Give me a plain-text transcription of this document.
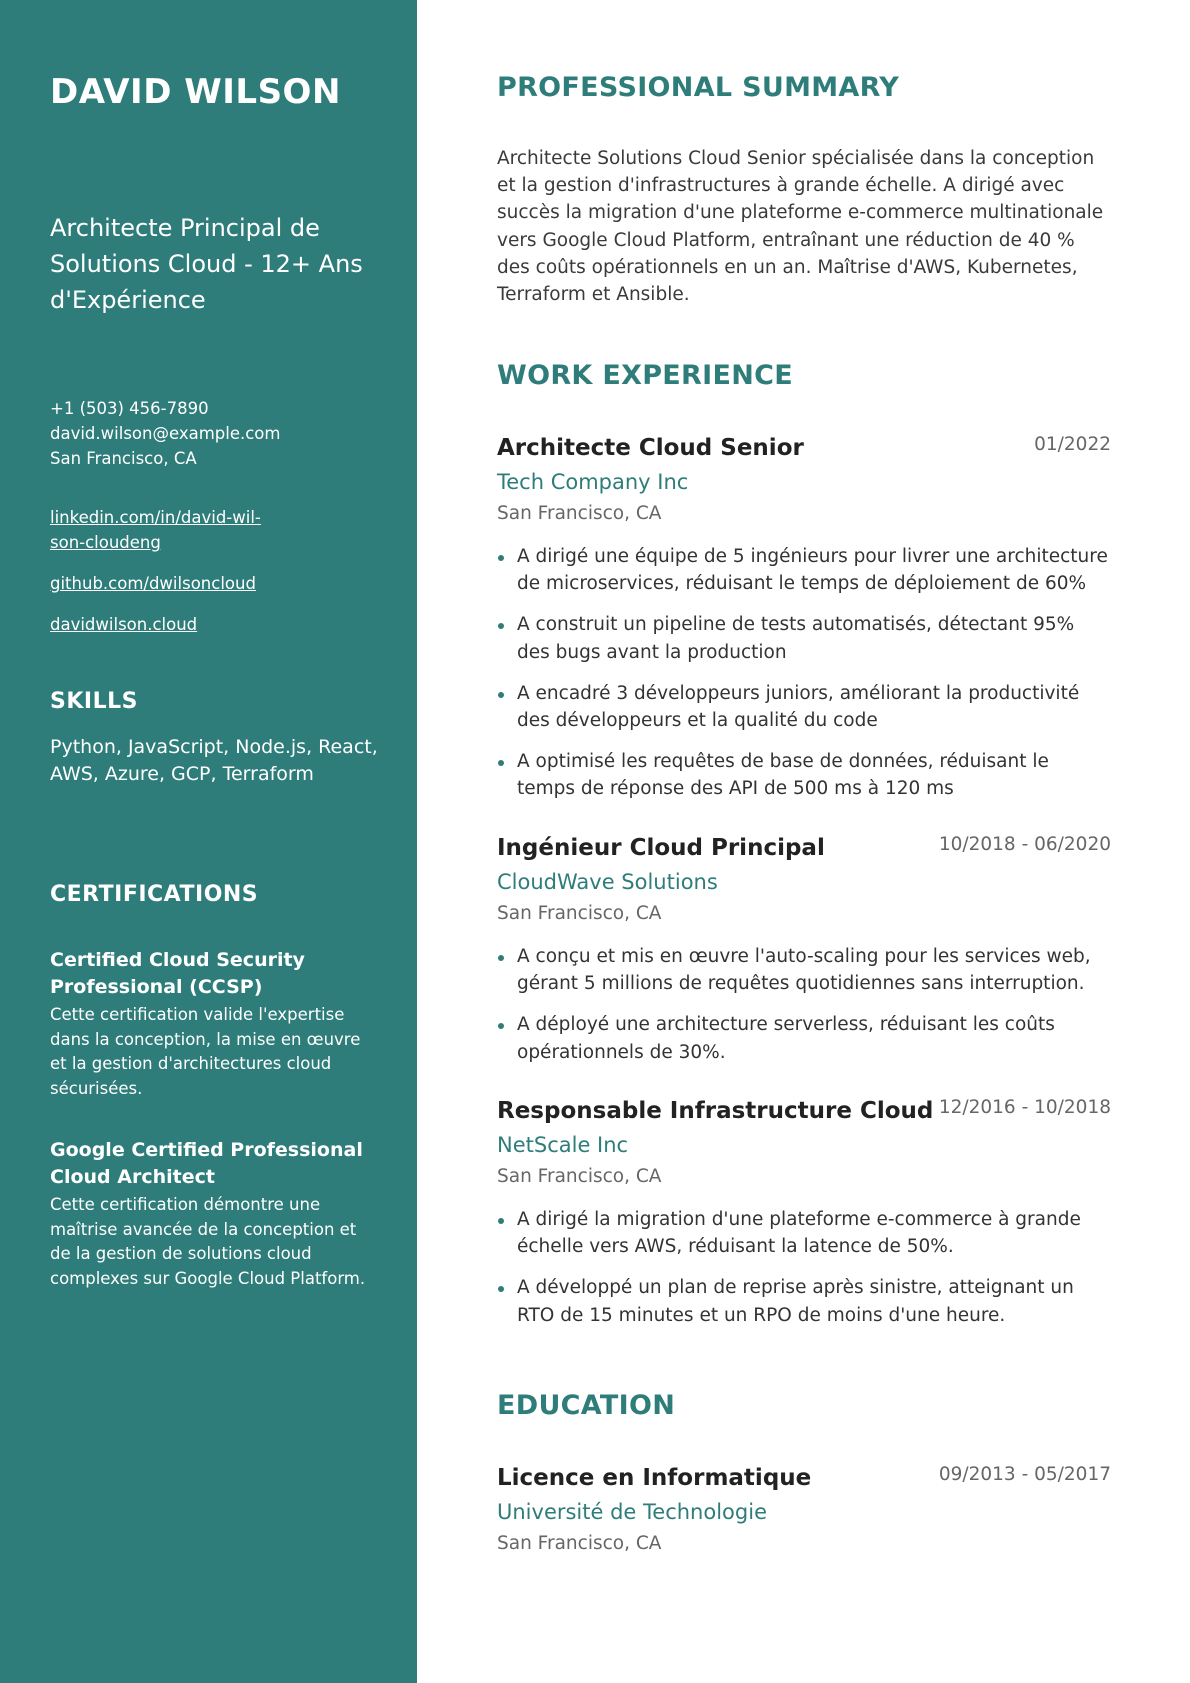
DAVID WILSON
Architecte Principal de Solutions Cloud - 12+ Ans d'Expérience
+1 (503) 456-7890
david.wilson@example.com
San Francisco, CA
linkedin.com/in/david-wil-
son-cloudeng
github.com/dwilsoncloud
davidwilson.cloud
SKILLS
Python, JavaScript, Node.js, React, AWS, Azure, GCP, Terraform
CERTIFICATIONS
Certified Cloud Security Professional (CCSP)
Cette certification valide l'expertise dans la conception, la mise en œuvre et la gestion d'architectures cloud sécurisées.
Google Certified Professional Cloud Architect
Cette certification démontre une maîtrise avancée de la conception et de la gestion de solutions cloud complexes sur Google Cloud Platform.
PROFESSIONAL SUMMARY

Architecte Solutions Cloud Senior spécialisée dans la conception et la gestion d'infrastructures à grande échelle. A dirigé avec succès la migration d'une plateforme e-commerce multinationale vers Google Cloud Platform, entraînant une réduction de 40 % des coûts opérationnels en un an. Maîtrise d'AWS, Kubernetes, Terraform et Ansible.

WORK EXPERIENCE
Architecte Cloud Senior	01/2022
Tech Company Inc
San Francisco, CA
A dirigé une équipe de 5 ingénieurs pour livrer une architecture de microservices, réduisant le temps de déploiement de 60%
A construit un pipeline de tests automatisés, détectant 95% des bugs avant la production
A encadré 3 développeurs juniors, améliorant la productivité des développeurs et la qualité du code
A optimisé les requêtes de base de données, réduisant le temps de réponse des API de 500 ms à 120 ms
Ingénieur Cloud Principal	10/2018 - 06/2020
CloudWave Solutions
San Francisco, CA
A conçu et mis en œuvre l'auto-scaling pour les services web, gérant 5 millions de requêtes quotidiennes sans interruption.
A déployé une architecture serverless, réduisant les coûts opérationnels de 30%.
Responsable Infrastructure Cloud 12/2016 - 10/2018
NetScale Inc
San Francisco, CA
A dirigé la migration d'une plateforme e-commerce à grande échelle vers AWS, réduisant la latence de 50%.
A développé un plan de reprise après sinistre, atteignant un RTO de 15 minutes et un RPO de moins d'une heure.
EDUCATION
Licence en Informatique	09/2013 - 05/2017
Université de Technologie
San Francisco, CA
